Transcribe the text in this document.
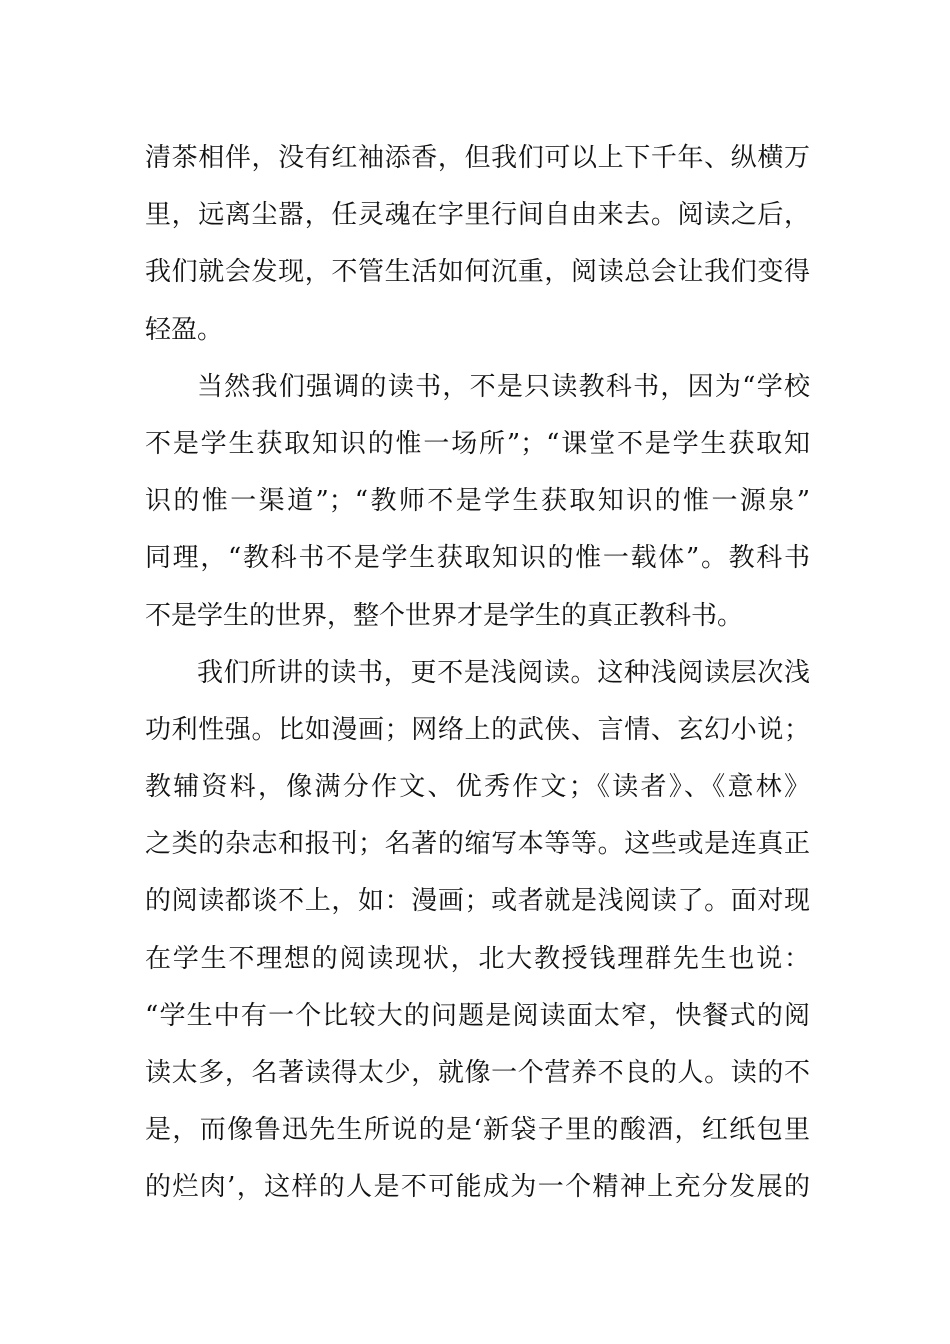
清茶相伴，没有红袖添香，但我们可以上下千年、纵横万
里，远离尘嚣，任灵魂在字里行间自由来去。阅读之后，
我们就会发现，不管生活如何沉重，阅读总会让我们变得
轻盈。
当然我们强调的读书，不是只读教科书，因为“学校
不是学生获取知识的惟一场所”；“课堂不是学生获取知
识的惟一渠道”；“教师不是学生获取知识的惟一源泉”
同理，“教科书不是学生获取知识的惟一载体”。教科书
不是学生的世界，整个世界才是学生的真正教科书。
我们所讲的读书，更不是浅阅读。这种浅阅读层次浅
功利性强。比如漫画；网络上的武侠、言情、玄幻小说；
教辅资料，像满分作文、优秀作文；《读者》、《意林》
之类的杂志和报刊；名著的缩写本等等。这些或是连真正
的阅读都谈不上，如：漫画；或者就是浅阅读了。面对现
在学生不理想的阅读现状，北大教授钱理群先生也说：
“学生中有一个比较大的问题是阅读面太窄，快餐式的阅
读太多，名著读得太少，就像一个营养不良的人。读的不
是，而像鲁迅先生所说的是‘新袋子里的酸酒，红纸包里
的烂肉’，这样的人是不可能成为一个精神上充分发展的
